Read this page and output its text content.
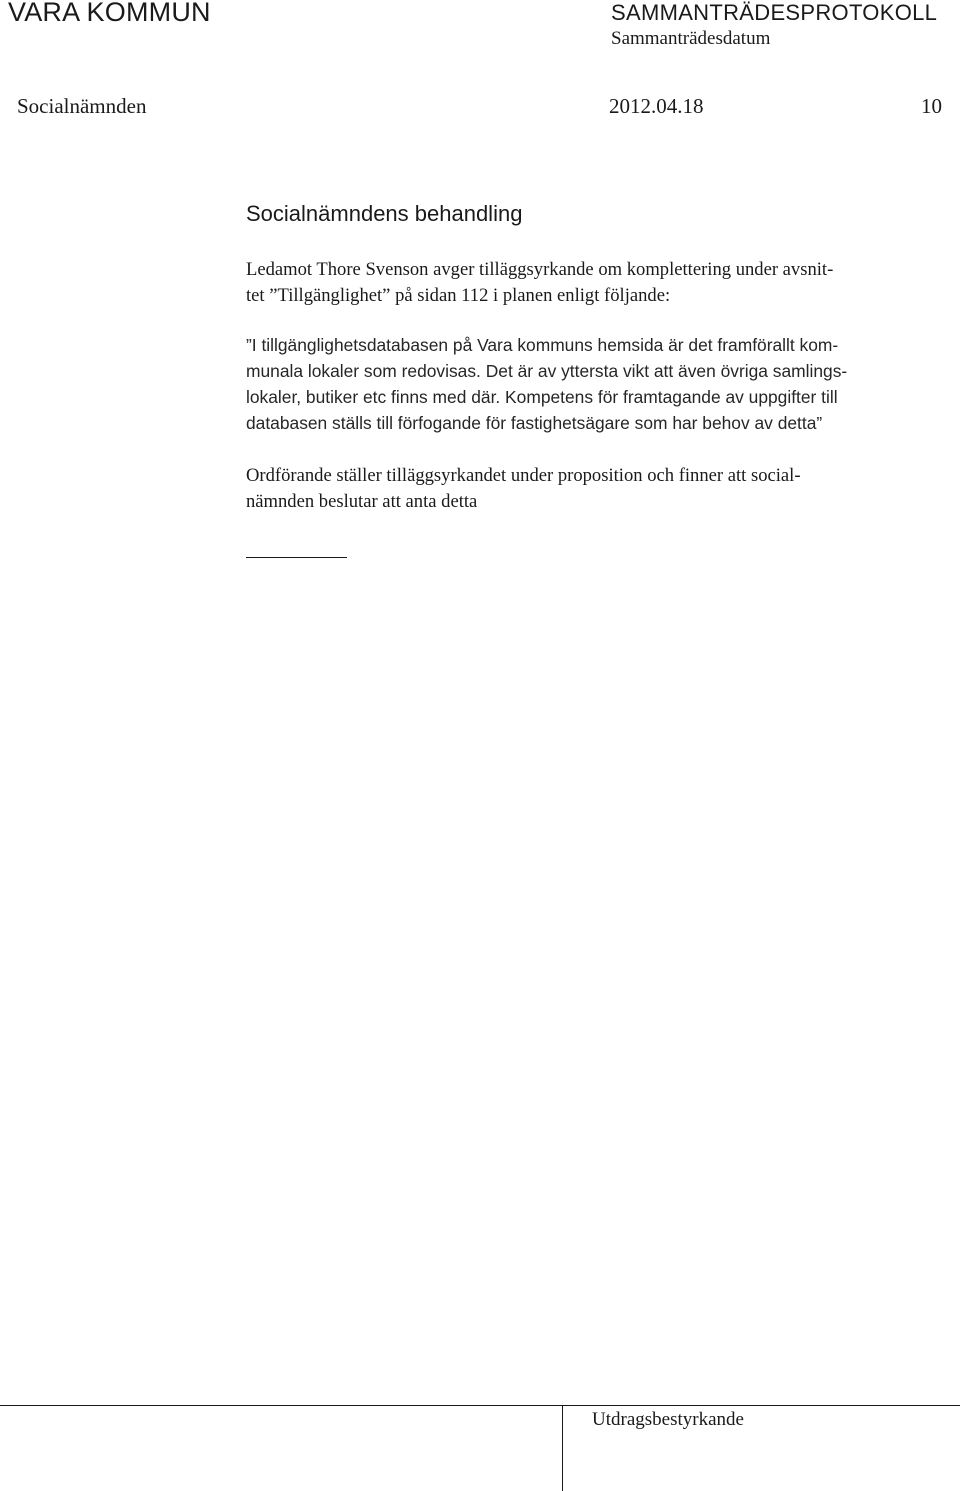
VARA KOMMUN	SAMMANTRÄDESPROTOKOLL
Sammanträdesdatum
Socialnämnden	2012.04.18	10
Socialnämndens behandling

Ledamot Thore Svenson avger tilläggsyrkande om komplettering under avsnit-
tet ”Tillgänglighet” på sidan 112 i planen enligt följande:

”I tillgänglighetsdatabasen på Vara kommuns hemsida är det framförallt kom-
munala lokaler som redovisas. Det är av yttersta vikt att även övriga samlings-
lokaler, butiker etc finns med där. Kompetens för framtagande av uppgifter till
databasen ställs till förfogande för fastighetsägare som har behov av detta”

Ordförande ställer tilläggsyrkandet under proposition och finner att social-
nämnden beslutar att anta detta

Utdragsbestyrkande
